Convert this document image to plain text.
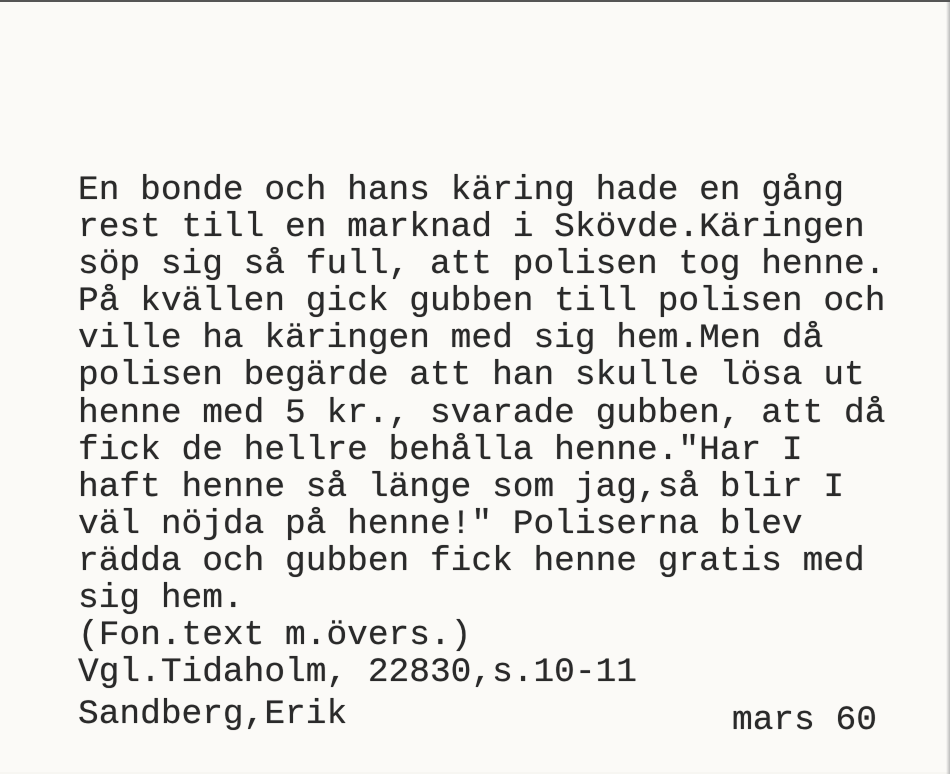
En bonde och hans käring hade en gång
rest till en marknad i Skövde.Käringen
söp sig så full, att polisen tog henne.
På kvällen gick gubben till polisen och
ville ha käringen med sig hem.Men då
polisen begärde att han skulle lösa ut
henne med 5 kr., svarade gubben, att då
fick de hellre behålla henne."Har I
haft henne så länge som jag,så blir I
väl nöjda på henne!" Poliserna blev
rädda och gubben fick henne gratis med
sig hem.
(Fon.text m.övers.)
Vgl.Tidaholm, 22830,s.10-11
Sandberg,Erik	mars 60
